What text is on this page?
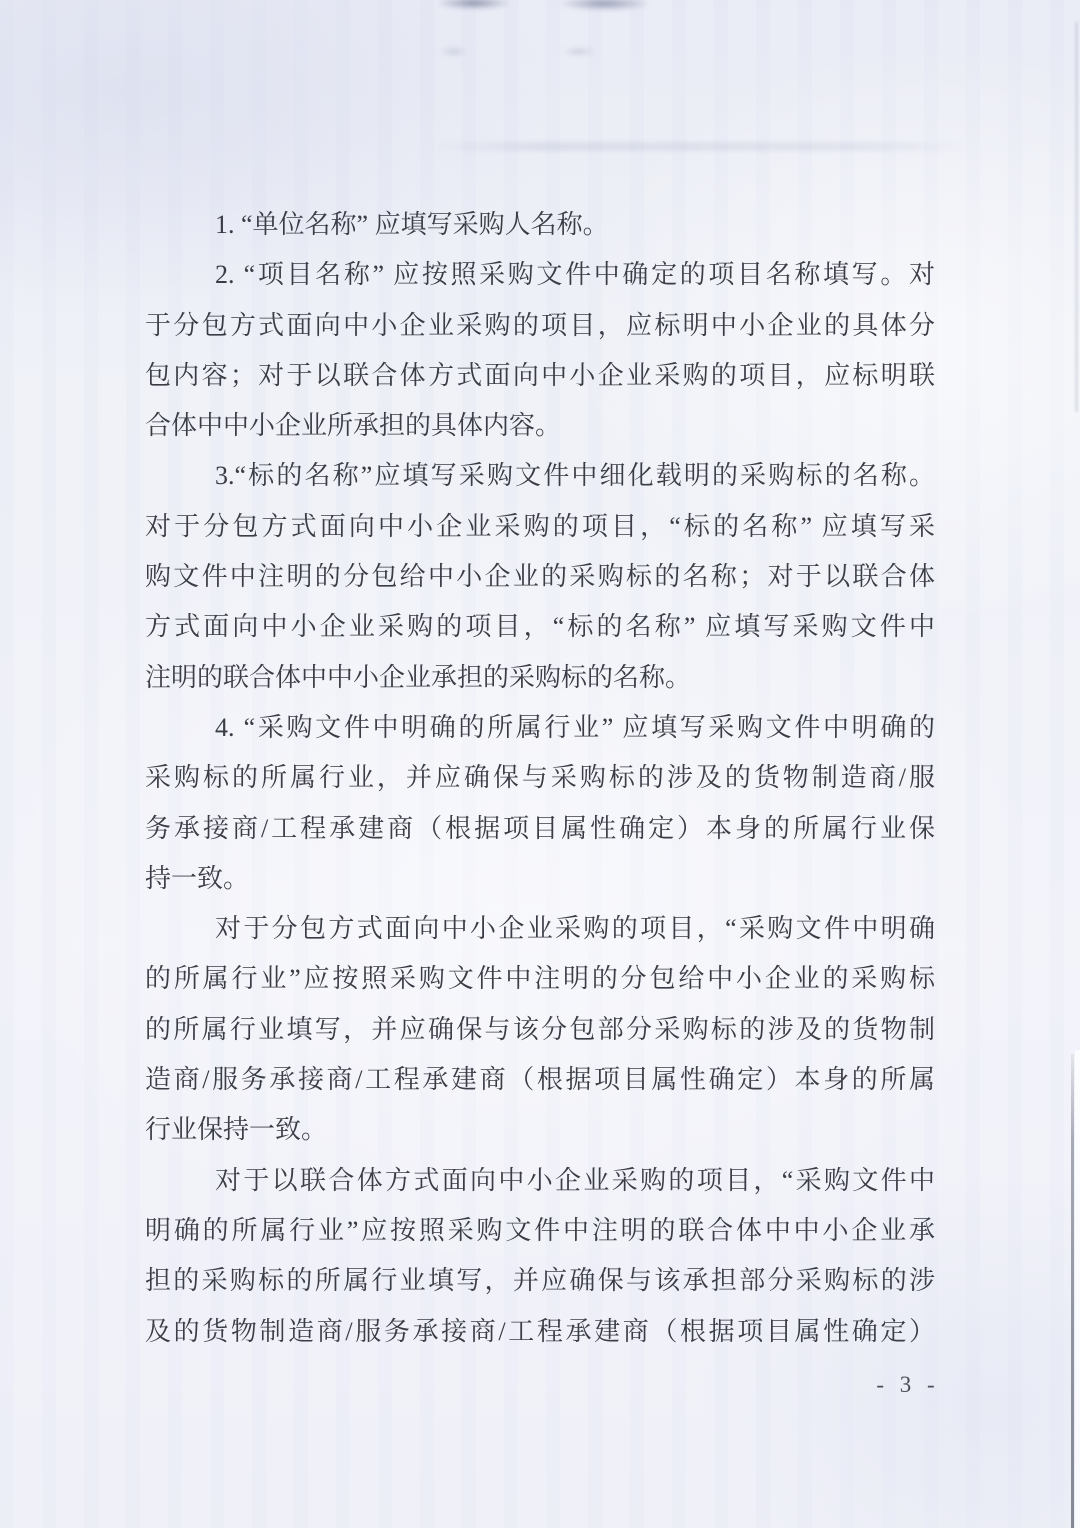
1. “单位名称” 应填写采购人名称。

2. “项目名称” 应按照采购文件中确定的项目名称填写。对
于分包方式面向中小企业采购的项目，应标明中小企业的具体分
包内容；对于以联合体方式面向中小企业采购的项目，应标明联
合体中中小企业所承担的具体内容。

3.“标的名称”应填写采购文件中细化载明的采购标的名称。
对于分包方式面向中小企业采购的项目，“标的名称” 应填写采
购文件中注明的分包给中小企业的采购标的名称；对于以联合体
方式面向中小企业采购的项目，“标的名称” 应填写采购文件中
注明的联合体中中小企业承担的采购标的名称。

4. “采购文件中明确的所属行业” 应填写采购文件中明确的
采购标的所属行业，并应确保与采购标的涉及的货物制造商/服
务承接商/工程承建商（根据项目属性确定）本身的所属行业保
持一致。

对于分包方式面向中小企业采购的项目，“采购文件中明确
的所属行业”应按照采购文件中注明的分包给中小企业的采购标
的所属行业填写，并应确保与该分包部分采购标的涉及的货物制
造商/服务承接商/工程承建商（根据项目属性确定）本身的所属
行业保持一致。

对于以联合体方式面向中小企业采购的项目，“采购文件中
明确的所属行业”应按照采购文件中注明的联合体中中小企业承
担的采购标的所属行业填写，并应确保与该承担部分采购标的涉
及的货物制造商/服务承接商/工程承建商（根据项目属性确定）

- 3 -
